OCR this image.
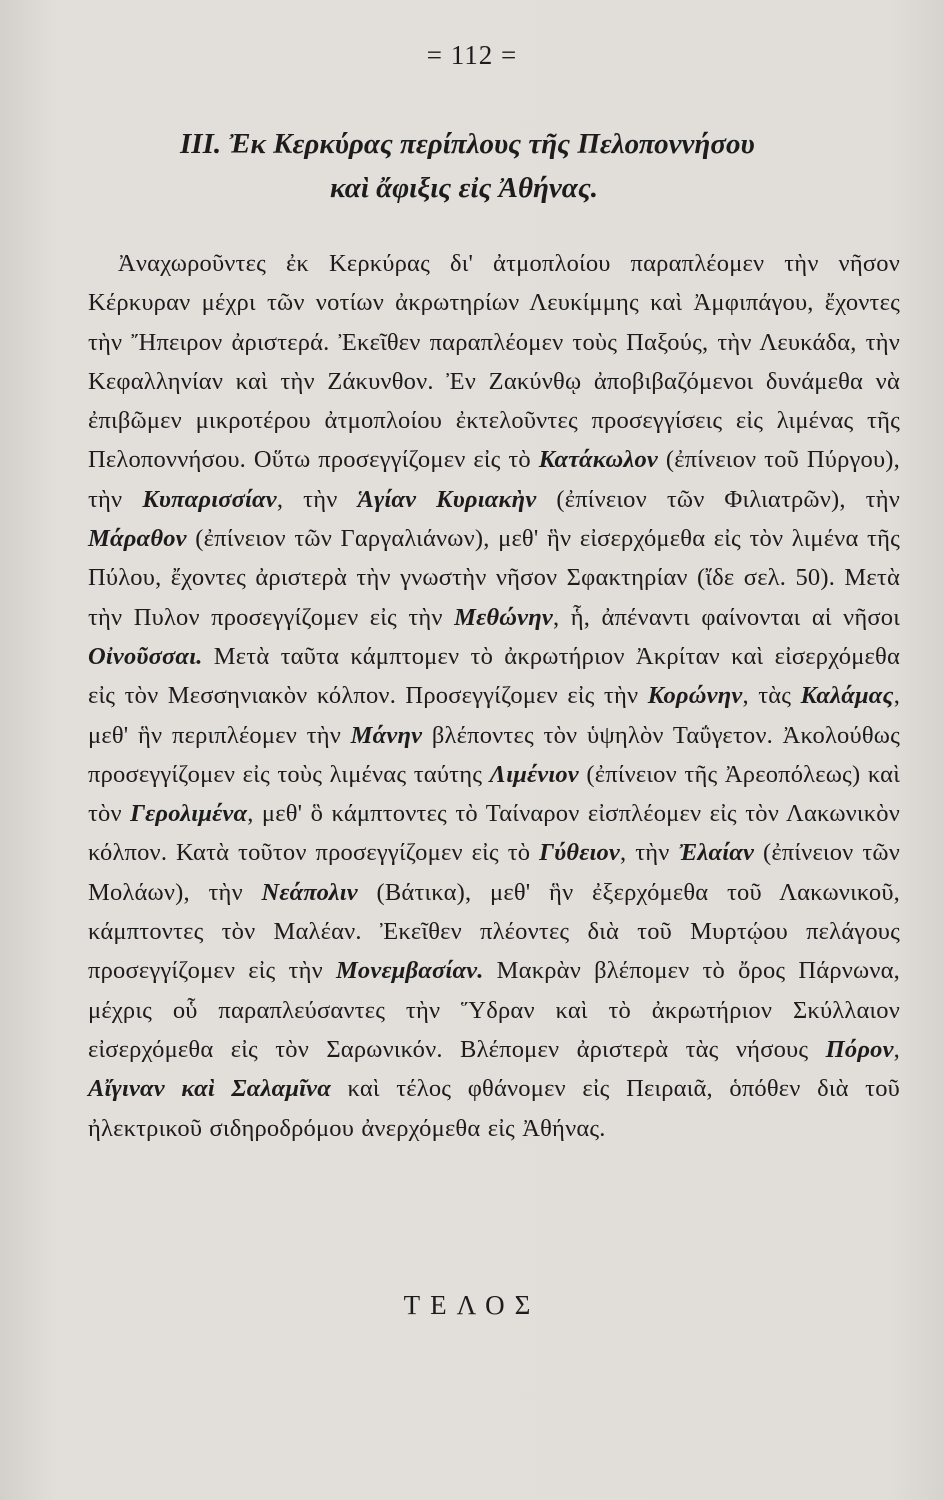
= 112 =
III. Ἐκ Κερκύρας περίπλους τῆς Πελοποννήσου
καὶ ἄφιξις εἰς Ἀθήνας.

Ἀναχωροῦντες ἐκ Κερκύρας δι' ἀτμοπλοίου παραπλέομεν τὴν νῆσον Κέρκυραν μέχρι τῶν νοτίων ἀκρωτηρίων Λευκίμμης καὶ Ἀμφιπάγου, ἔχοντες τὴν Ἤπειρον ἀριστερά. Ἐκεῖθεν παραπλέομεν τοὺς Παξούς, τὴν Λευκάδα, τὴν Κεφαλληνίαν καὶ τὴν Ζάκυνθον. Ἐν Ζακύνθῳ ἀποβιβαζόμενοι δυνάμεθα νὰ ἐπιβῶμεν μικροτέρου ἀτμοπλοίου ἐκτελοῦντες προσεγγίσεις εἰς λιμένας τῆς Πελοποννήσου. Οὕτω προσεγγίζομεν εἰς τὸ Κατάκωλον (ἐπίνειον τοῦ Πύργου), τὴν Κυπαρισσίαν, τὴν Ἁγίαν Κυριακὴν (ἐπίνειον τῶν Φιλιατρῶν), τὴν Μάραθον (ἐπίνειον τῶν Γαργαλιάνων), μεθ' ἣν εἰσερχόμεθα εἰς τὸν λιμένα τῆς Πύλου, ἔχοντες ἀριστερὰ τὴν γνωστὴν νῆσον Σφακτηρίαν (ἴδε σελ. 50). Μετὰ τὴν Πυλον προσεγγίζομεν εἰς τὴν Μεθώνην, ἧ, ἀπέναντι φαίνονται αἱ νῆσοι Οἰνοῦσσαι. Μετὰ ταῦτα κάμπτομεν τὸ ἀκρωτήριον Ἀκρίταν καὶ εἰσερχόμεθα εἰς τὸν Μεσσηνιακὸν κόλπον. Προσεγγίζομεν εἰς τὴν Κορώνην, τὰς Καλάμας, μεθ' ἣν περιπλέομεν τὴν Μάνην βλέποντες τὸν ὑψηλὸν Ταΰγετον. Ἀκολούθως προσεγγίζομεν εἰς τοὺς λιμένας ταύτης Λιμένιον (ἐπίνειον τῆς Ἀρεοπόλεως) καὶ τὸν Γερολιμένα, μεθ' ὃ κάμπτοντες τὸ Ταίναρον εἰσπλέομεν εἰς τὸν Λακωνικὸν κόλπον. Κατὰ τοῦτον προσεγγίζομεν εἰς τὸ Γύθειον, τὴν Ἐλαίαν (ἐπίνειον τῶν Μολάων), τὴν Νεάπολιν (Βάτικα), μεθ' ἣν ἐξερχόμεθα τοῦ Λακωνικοῦ, κάμπτοντες τὸν Μαλέαν. Ἐκεῖθεν πλέοντες διὰ τοῦ Μυρτῴου πελάγους προσεγγίζομεν εἰς τὴν Μονεμβασίαν. Μακρὰν βλέπομεν τὸ ὄρος Πάρνωνα, μέχρις οὗ παραπλεύσαντες τὴν Ὕδραν καὶ τὸ ἀκρωτήριον Σκύλλαιον εἰσερχόμεθα εἰς τὸν Σαρωνικόν. Βλέπομεν ἀριστερὰ τὰς νήσους Πόρον, Αἴγιναν καὶ Σαλαμῖνα καὶ τέλος φθάνομεν εἰς Πειραιᾶ, ὁπόθεν διὰ τοῦ ἠλεκτρικοῦ σιδηροδρόμου ἀνερχόμεθα εἰς Ἀθήνας.

ΤΕΛΟΣ
